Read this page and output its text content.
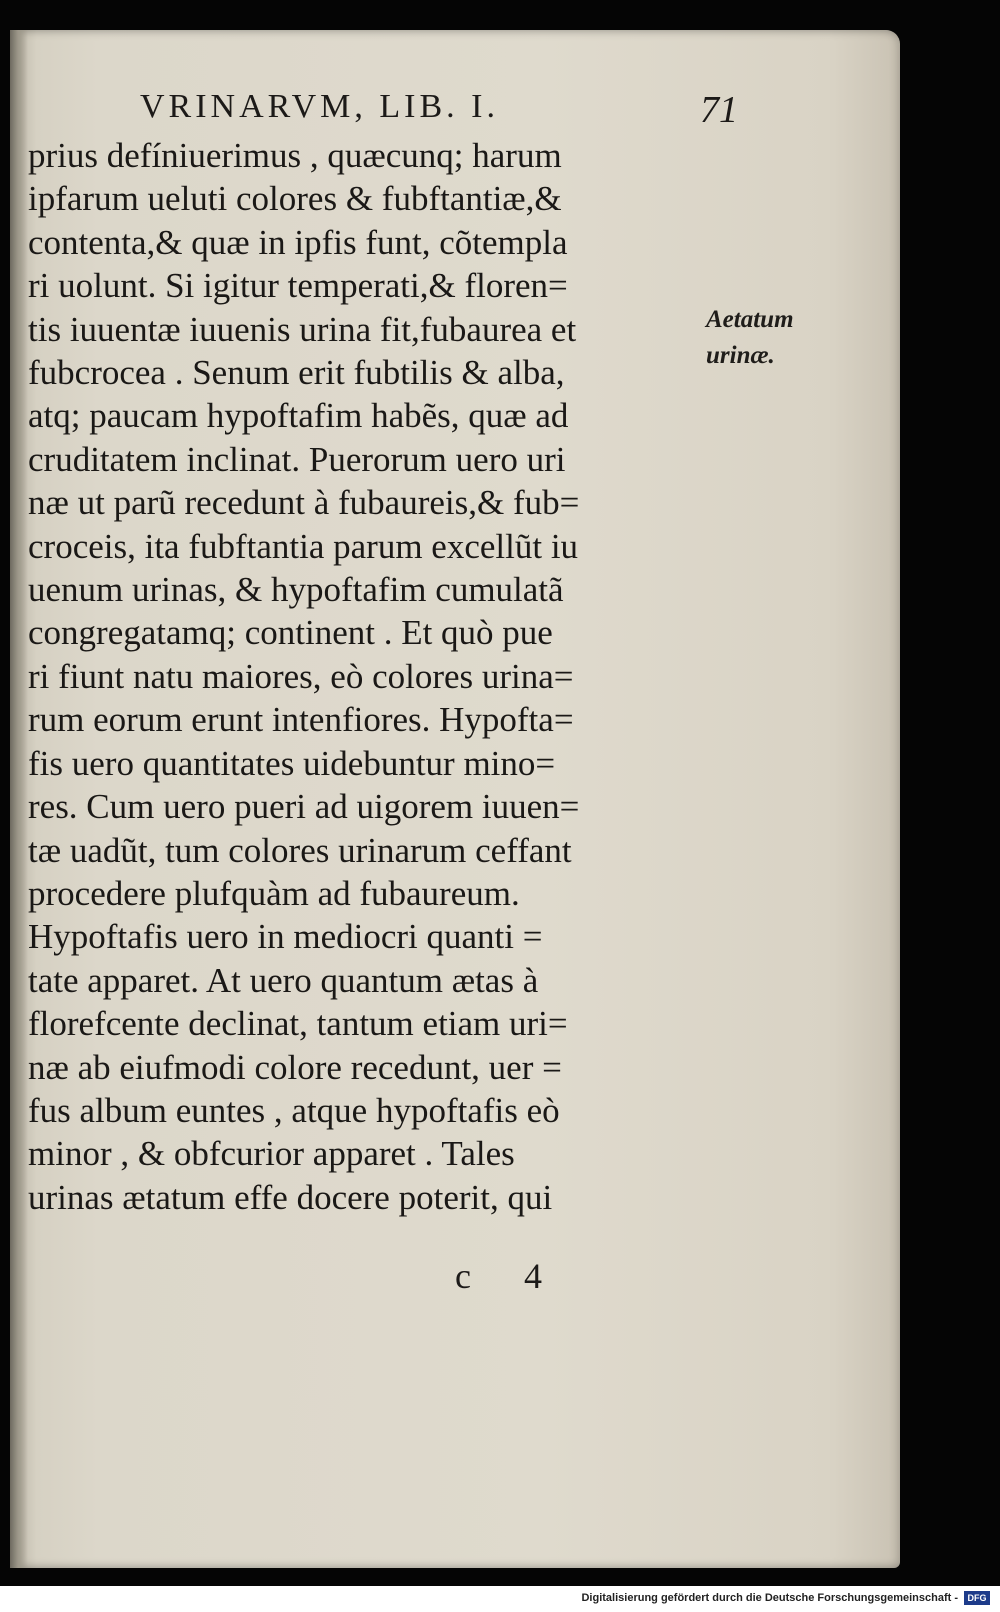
VRINARVM, LIB. I.	71
prius defíniuerimus , quæcunq; harum
ipfarum ueluti colores & fubftantiæ,&
contenta,& quæ in ipfis funt, cõtempla
ri uolunt. Si igitur temperati,& floren=
tis iuuentæ iuuenis urina fit,fubaurea et
fubcrocea . Senum erit fubtilis & alba,
atq; paucam hypoftafim habẽs, quæ ad
cruditatem inclinat. Puerorum uero uri
næ ut parũ recedunt à fubaureis,& fub=
croceis, ita fubftantia parum excellũt iu
uenum urinas, & hypoftafim cumulatã
congregatamq; continent . Et quò pue
ri fiunt natu maiores, eò colores urina=
rum eorum erunt intenfiores. Hypofta=
fis uero quantitates uidebuntur mino=
res. Cum uero pueri ad uigorem iuuen=
tæ uadũt, tum colores urinarum ceffant
procedere plufquàm ad fubaureum.
Hypoftafis uero in mediocri quanti =
tate apparet. At uero quantum ætas à
florefcente declinat, tantum etiam uri=
næ ab eiufmodi colore recedunt, uer =
fus album euntes , atque hypoftafis eò
minor , & obfcurior apparet . Tales
urinas ætatum effe docere poterit, qui
Aetatum
urinæ.
c 4
Digitalisierung gefördert durch die Deutsche Forschungsgemeinschaft -	DFG
